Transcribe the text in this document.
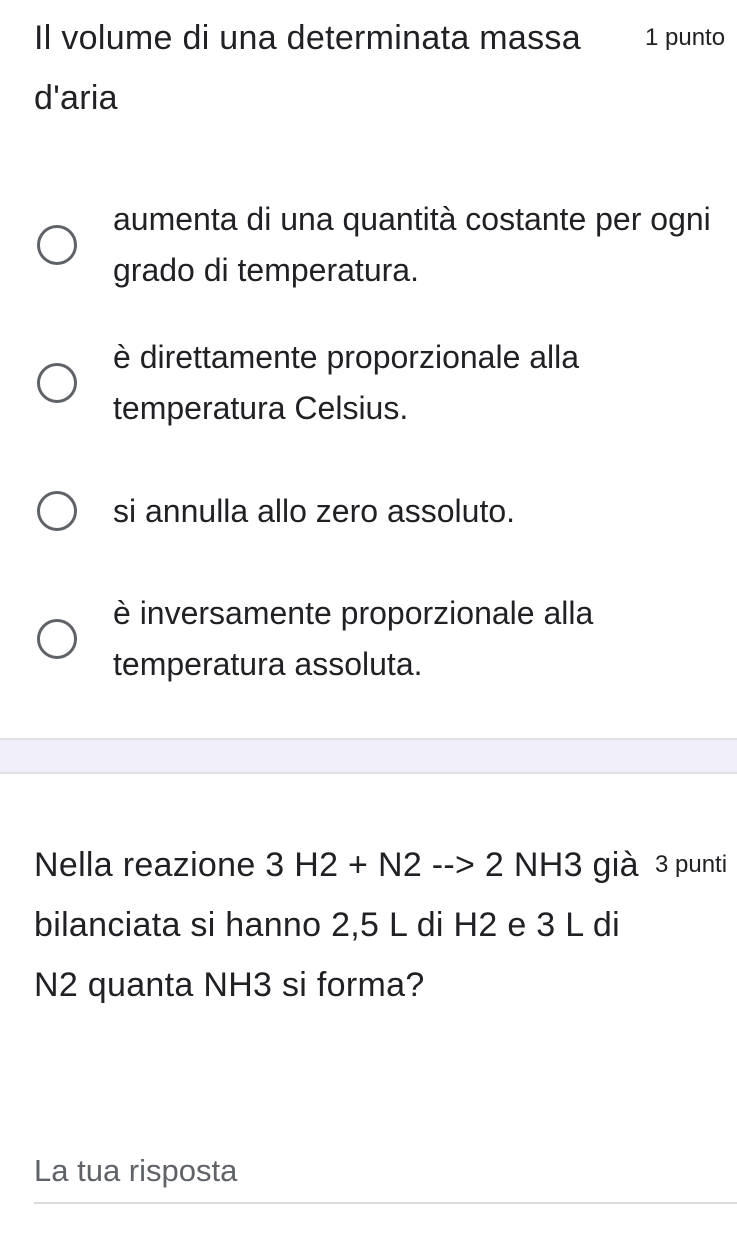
Il volume di una determinata massa d'aria
1 punto
aumenta di una quantità costante per ogni grado di temperatura.
è direttamente proporzionale alla temperatura Celsius.
si annulla allo zero assoluto.
è inversamente proporzionale alla temperatura assoluta.
Nella reazione 3 H2 + N2 --> 2 NH3 già bilanciata si hanno 2,5 L di H2 e 3 L di N2 quanta NH3 si forma?
3 punti
La tua risposta
